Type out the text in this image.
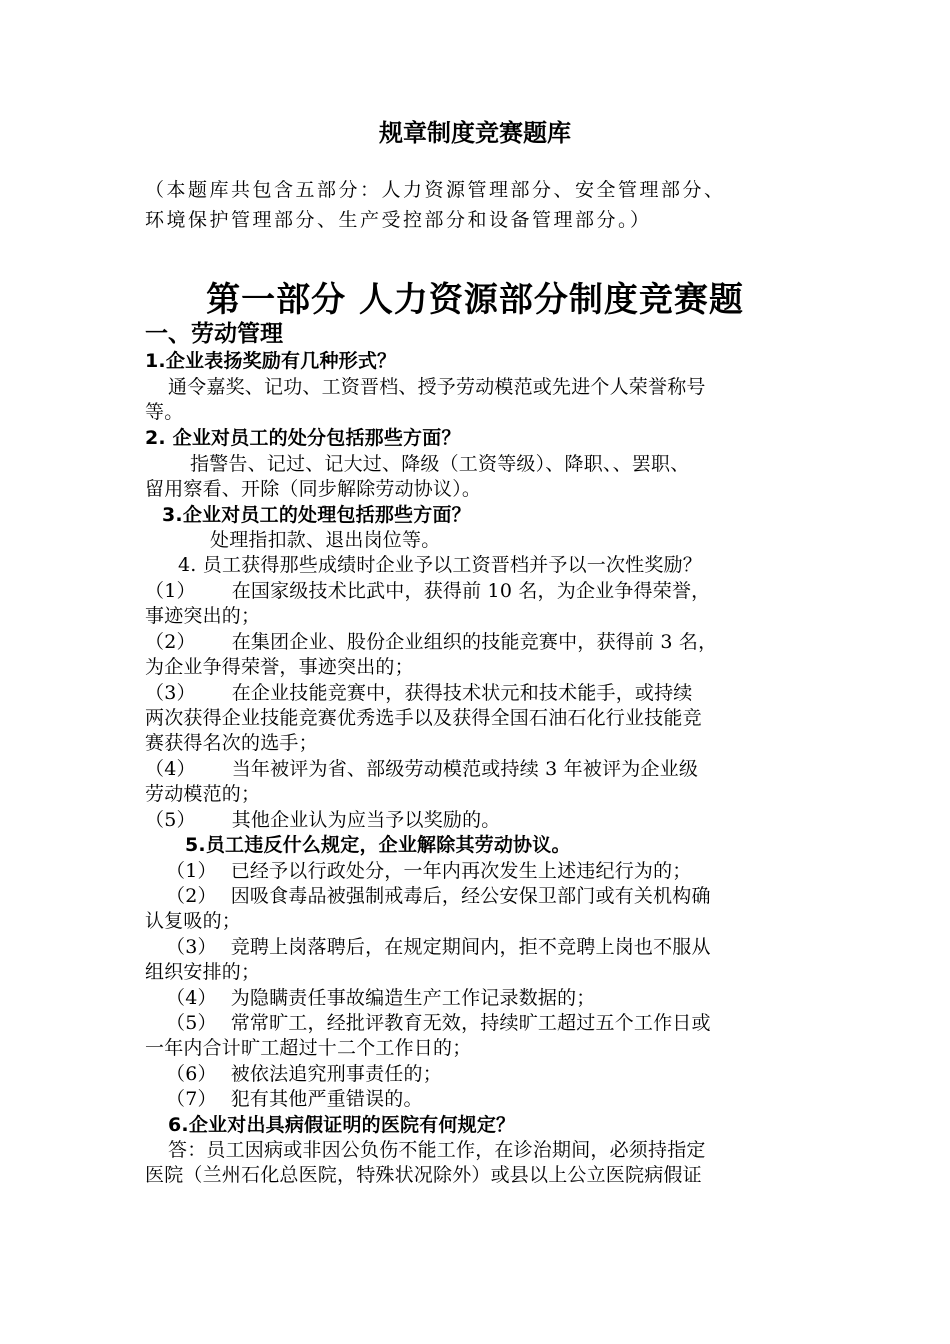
规章制度竞赛题库
（本题库共包含五部分：人力资源管理部分、安全管理部分、
环境保护管理部分、生产受控部分和设备管理部分。）
第一部分 人力资源部分制度竞赛题
一、劳动管理
1.企业表扬奖励有几种形式？
通令嘉奖、记功、工资晋档、授予劳动模范或先进个人荣誉称号
等。
2. 企业对员工的处分包括那些方面？
指警告、记过、记大过、降级（工资等级）、降职、、罢职、
留用察看、开除（同步解除劳动协议）。
3.企业对员工的处理包括那些方面？
处理指扣款、退出岗位等。
4. 员工获得那些成绩时企业予以工资晋档并予以一次性奖励？
（1） 在国家级技术比武中，获得前 10 名，为企业争得荣誉，
事迹突出的；
（2） 在集团企业、股份企业组织的技能竞赛中，获得前 3 名，
为企业争得荣誉，事迹突出的；
（3） 在企业技能竞赛中，获得技术状元和技术能手，或持续
两次获得企业技能竞赛优秀选手以及获得全国石油石化行业技能竞
赛获得名次的选手；
（4） 当年被评为省、部级劳动模范或持续 3 年被评为企业级
劳动模范的；
（5） 其他企业认为应当予以奖励的。
5.员工违反什么规定，企业解除其劳动协议。
（1） 已经予以行政处分，一年内再次发生上述违纪行为的；
（2） 因吸食毒品被强制戒毒后，经公安保卫部门或有关机构确
认复吸的；
（3） 竞聘上岗落聘后，在规定期间内，拒不竞聘上岗也不服从
组织安排的；
（4） 为隐瞒责任事故编造生产工作记录数据的；
（5） 常常旷工，经批评教育无效，持续旷工超过五个工作日或
一年内合计旷工超过十二个工作日的；
（6） 被依法追究刑事责任的；
（7） 犯有其他严重错误的。
6.企业对出具病假证明的医院有何规定？
答：员工因病或非因公负伤不能工作，在诊治期间，必须持指定
医院（兰州石化总医院，特殊状况除外）或县以上公立医院病假证
